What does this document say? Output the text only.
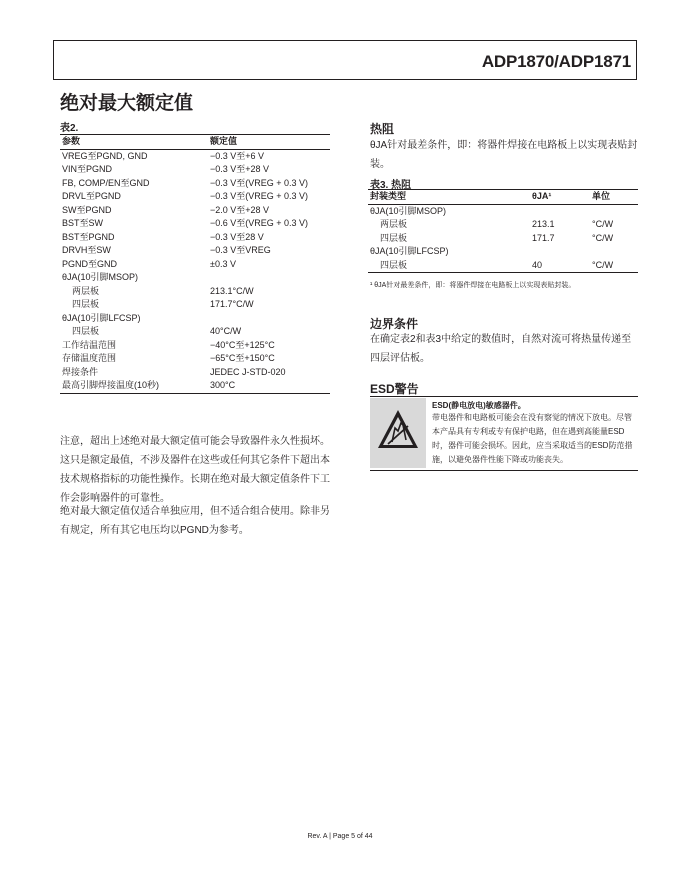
ADP1870/ADP1871
绝对最大额定值
表2.
参数	额定值
VREG至PGND, GND	−0.3 V至+6 V
VIN至PGND	−0.3 V至+28 V
FB, COMP/EN至GND	−0.3 V至(VREG + 0.3 V)
DRVL至PGND	−0.3 V至(VREG + 0.3 V)
SW至PGND	−2.0 V至+28 V
BST至SW	−0.6 V至(VREG + 0.3 V)
BST至PGND	−0.3 V至28 V
DRVH至SW	−0.3 V至VREG
PGND至GND	±0.3 V
θJA(10引脚MSOP)	
两层板	213.1°C/W
四层板	171.7°C/W
θJA(10引脚LFCSP)	
四层板	40°C/W
工作结温范围	−40°C至+125°C

存储温度范围	−65°C至+150°C
焊接条件	JEDEC J-STD-020
最高引脚焊接温度(10秒)	300°C
注意，超出上述绝对最大额定值可能会导致器件永久性损坏。这只是额定最值，不涉及器件在这些或任何其它条件下超出本技术规格指标的功能性操作。长期在绝对最大额定值条件下工作会影响器件的可靠性。
绝对最大额定值仅适合单独应用，但不适合组合使用。除非另有规定，所有其它电压均以PGND为参考。
热阻
θJA针对最差条件，即：将器件焊接在电路板上以实现表贴封装。
表3. 热阻
封装类型	θJA¹	单位
θJA(10引脚MSOP)		
两层板	213.1	°C/W
四层板	171.7	°C/W
θJA(10引脚LFCSP)		
四层板	40	°C/W
¹ θJA针对最差条件，即：将器件焊接在电路板上以实现表贴封装。
边界条件
在确定表2和表3中给定的数值时，自然对流可将热量传递至四层评估板。
ESD警告
ESD(静电放电)敏感器件。
带电器件和电路板可能会在没有察觉的情况下放电。尽管本产品具有专利或专有保护电路，但在遇到高能量ESD时，器件可能会损坏。因此，应当采取适当的ESD防范措施，以避免器件性能下降或功能丧失。
Rev. A | Page 5 of 44
